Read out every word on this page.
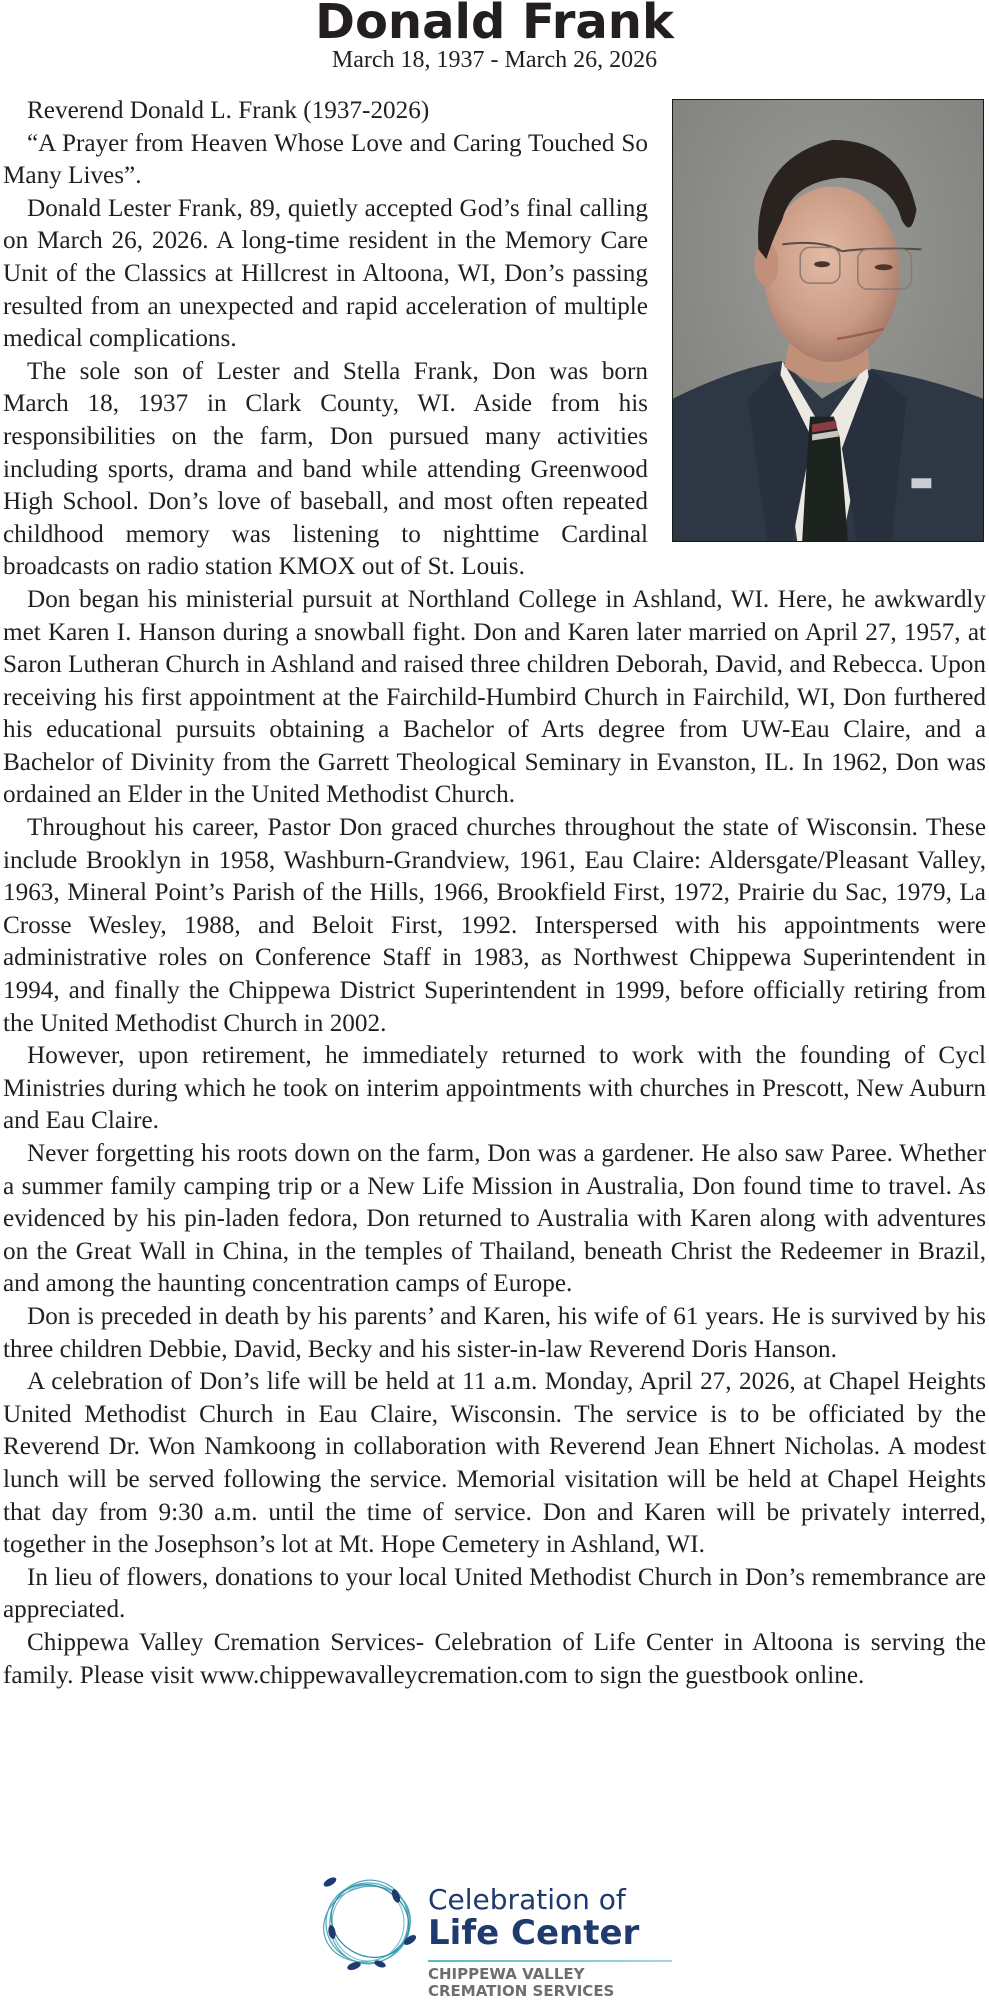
Donald Frank
March 18, 1937 - March 26, 2026

Reverend Donald L. Frank (1937-2026)

“A Prayer from Heaven Whose Love and Caring Touched So Many Lives”.

Donald Lester Frank, 89, quietly accepted God’s final calling on March 26, 2026. A long-time resident in the Memory Care Unit of the Classics at Hillcrest in Altoona, WI, Don’s passing resulted from an unexpected and rapid acceleration of multiple medical complications.

The sole son of Lester and Stella Frank, Don was born March 18, 1937 in Clark County, WI. Aside from his responsibilities on the farm, Don pursued many activities including sports, drama and band while attending Greenwood High School. Don’s love of baseball, and most often repeated childhood memory was listening to nighttime Cardinal broadcasts on radio station KMOX out of St. Louis.

Don began his ministerial pursuit at Northland College in Ashland, WI. Here, he awkwardly met Karen I. Hanson during a snowball fight. Don and Karen later married on April 27, 1957, at Saron Lutheran Church in Ashland and raised three children Deborah, David, and Rebecca. Upon receiving his first appointment at the Fairchild-Humbird Church in Fairchild, WI, Don furthered his educational pursuits obtaining a Bachelor of Arts degree from UW-Eau Claire, and a Bachelor of Divinity from the Garrett Theological Seminary in Evanston, IL. In 1962, Don was ordained an Elder in the United Methodist Church.

Throughout his career, Pastor Don graced churches throughout the state of Wisconsin. These include Brooklyn in 1958, Washburn-Grandview, 1961, Eau Claire: Aldersgate/Pleasant Valley, 1963, Mineral Point’s Parish of the Hills, 1966, Brookfield First, 1972, Prairie du Sac, 1979, La Crosse Wesley, 1988, and Beloit First, 1992. Interspersed with his appointments were administrative roles on Conference Staff in 1983, as Northwest Chippewa Superintendent in 1994, and finally the Chippewa District Superintendent in 1999, before officially retiring from the United Methodist Church in 2002.

However, upon retirement, he immediately returned to work with the founding of Cycl Ministries during which he took on interim appointments with churches in Prescott, New Auburn and Eau Claire.

Never forgetting his roots down on the farm, Don was a gardener. He also saw Paree. Whether a summer family camping trip or a New Life Mission in Australia, Don found time to travel. As evidenced by his pin-laden fedora, Don returned to Australia with Karen along with adventures on the Great Wall in China, in the temples of Thailand, beneath Christ the Redeemer in Brazil, and among the haunting concentration camps of Europe.

Don is preceded in death by his parents’ and Karen, his wife of 61 years. He is survived by his three children Debbie, David, Becky and his sister-in-law Reverend Doris Hanson.

A celebration of Don’s life will be held at 11 a.m. Monday, April 27, 2026, at Chapel Heights United Methodist Church in Eau Claire, Wisconsin. The service is to be officiated by the Reverend Dr. Won Namkoong in collaboration with Reverend Jean Ehnert Nicholas. A modest lunch will be served following the service. Memorial visitation will be held at Chapel Heights that day from 9:30 a.m. until the time of service. Don and Karen will be privately interred, together in the Josephson’s lot at Mt. Hope Cemetery in Ashland, WI.

In lieu of flowers, donations to your local United Methodist Church in Don’s remembrance are appreciated.

Chippewa Valley Cremation Services- Celebration of Life Center in Altoona is serving the family. Please visit www.chippewavalleycremation.com to sign the guestbook online.

Celebration of
Life Center
CHIPPEWA VALLEY
CREMATION SERVICES
